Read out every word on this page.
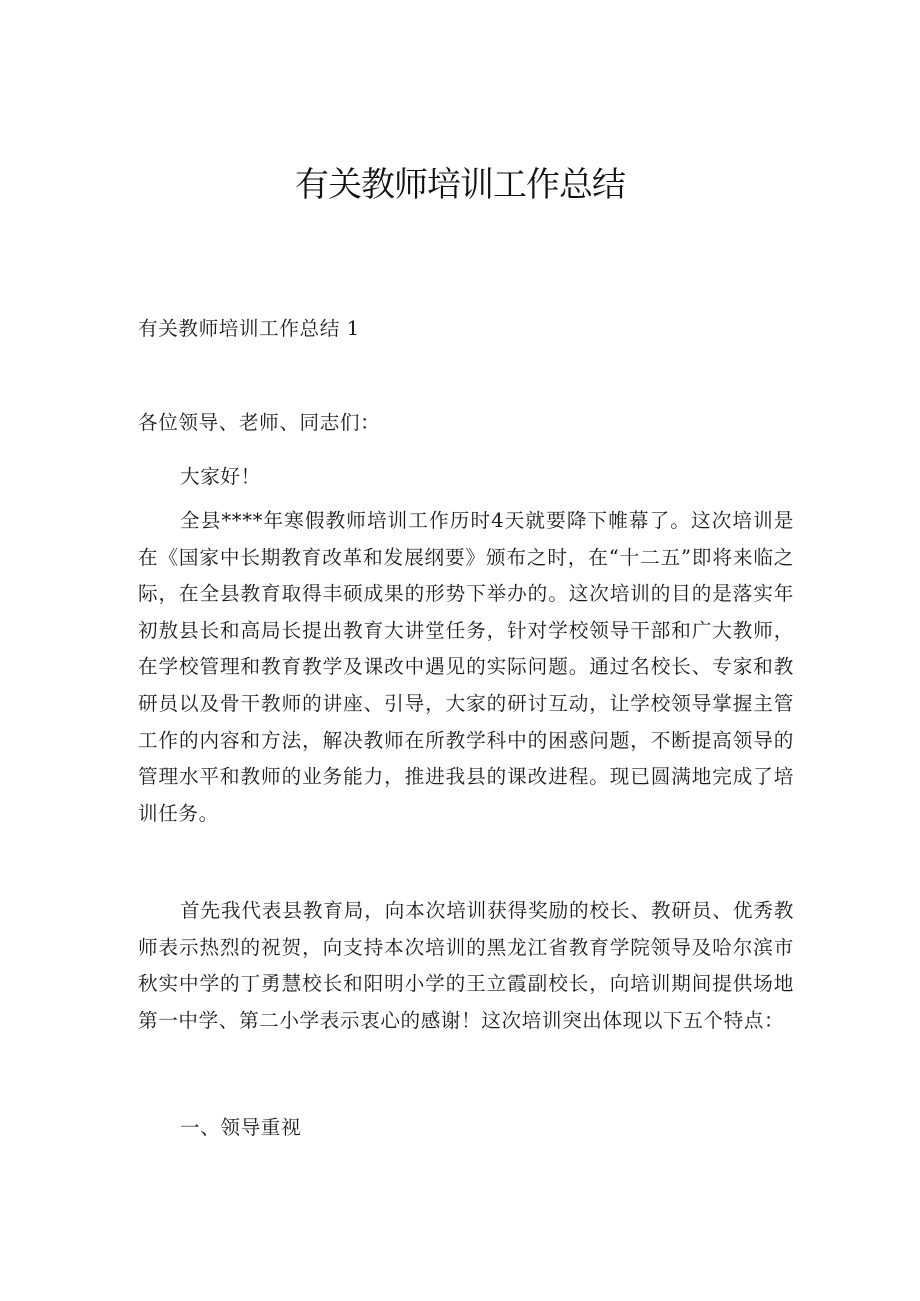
有关教师培训工作总结
有关教师培训工作总结 1
各位领导、老师、同志们：
大家好！
全县****年寒假教师培训工作历时4天就要降下帷幕了。这次培训是在《国家中长期教育改革和发展纲要》颁布之时，在“十二五”即将来临之际，在全县教育取得丰硕成果的形势下举办的。这次培训的目的是落实年初敖县长和高局长提出教育大讲堂任务，针对学校领导干部和广大教师，在学校管理和教育教学及课改中遇见的实际问题。通过名校长、专家和教研员以及骨干教师的讲座、引导，大家的研讨互动，让学校领导掌握主管工作的内容和方法，解决教师在所教学科中的困惑问题，不断提高领导的管理水平和教师的业务能力，推进我县的课改进程。现已圆满地完成了培训任务。
首先我代表县教育局，向本次培训获得奖励的校长、教研员、优秀教师表示热烈的祝贺，向支持本次培训的黑龙江省教育学院领导及哈尔滨市秋实中学的丁勇慧校长和阳明小学的王立霞副校长，向培训期间提供场地第一中学、第二小学表示衷心的感谢！这次培训突出体现以下五个特点：
一、领导重视
